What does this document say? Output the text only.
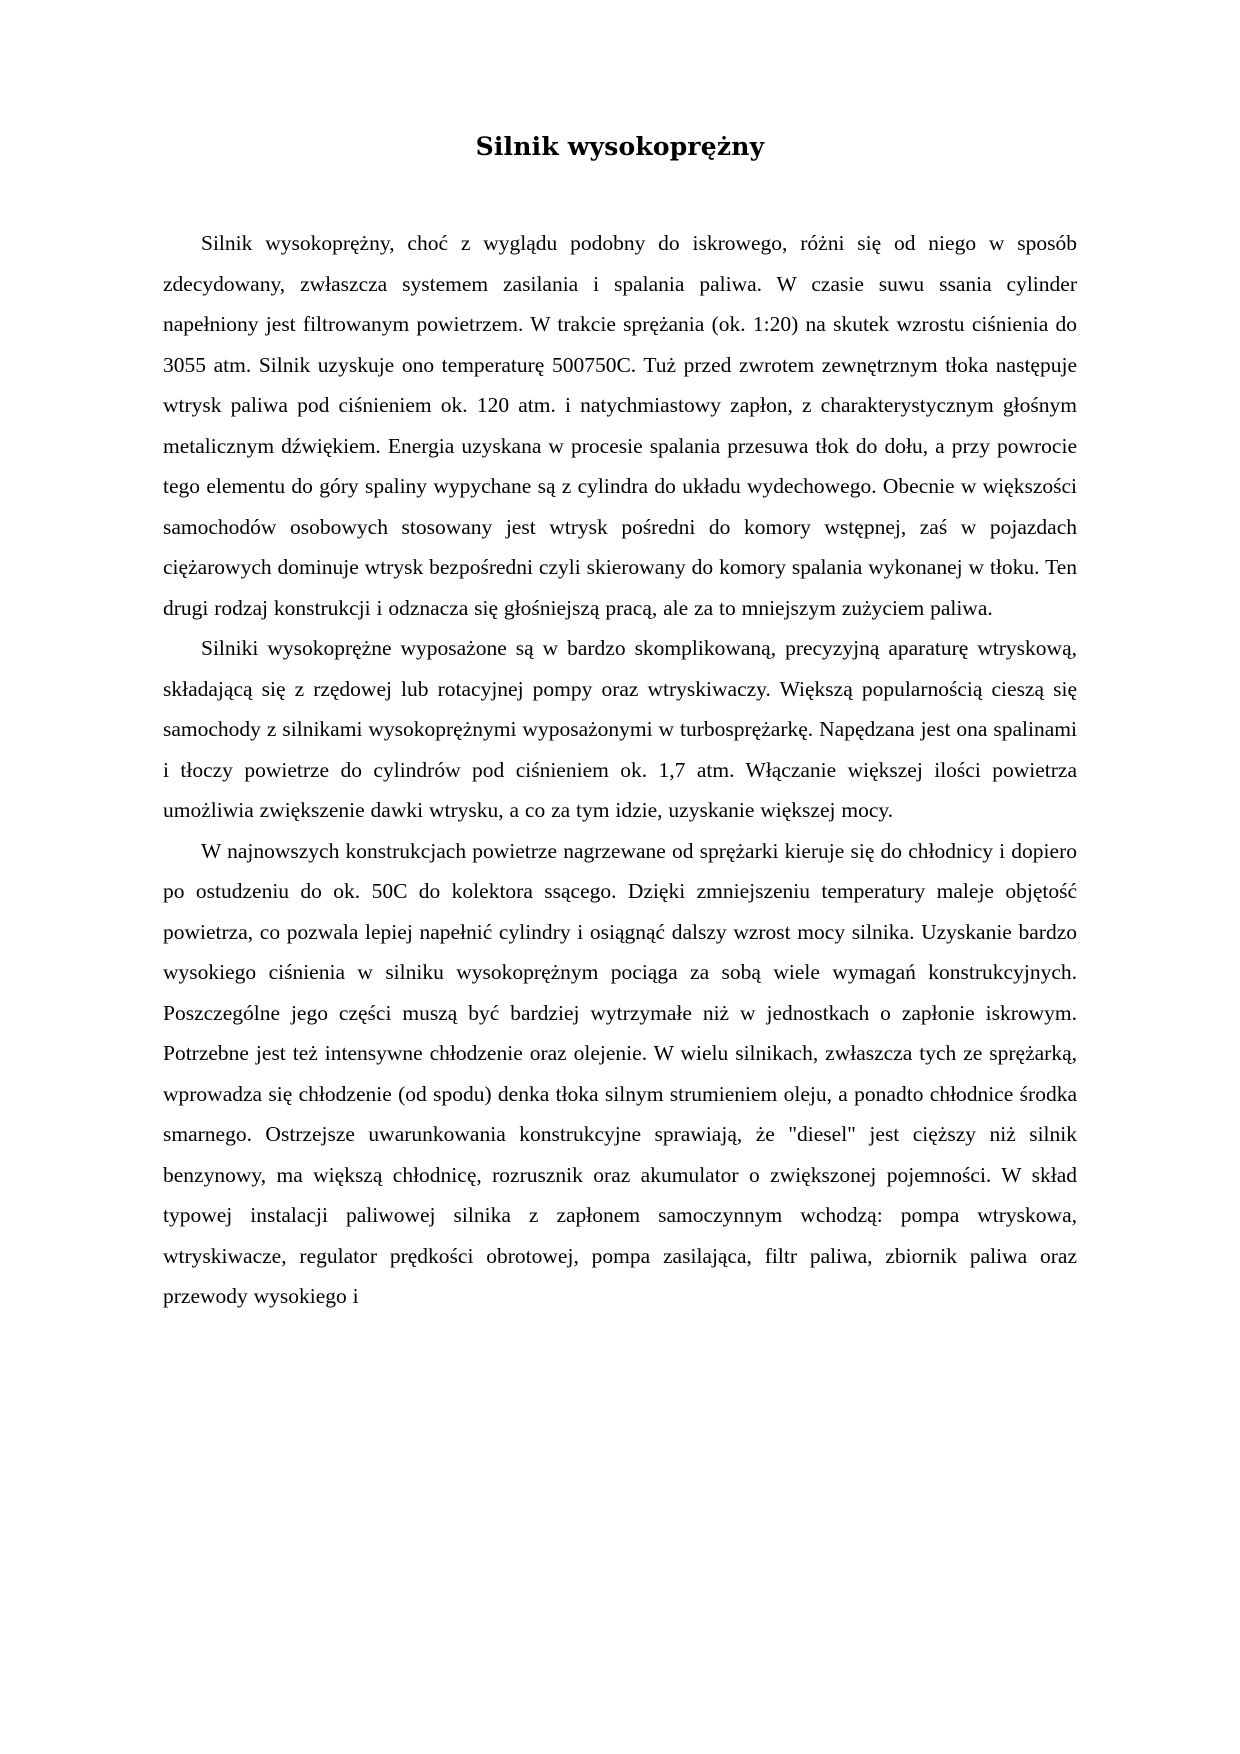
Silnik wysokoprężny

Silnik wysokoprężny, choć z wyglądu podobny do iskrowego, różni się od niego w sposób zdecydowany, zwłaszcza systemem zasilania i spalania paliwa. W czasie suwu ssania cylinder napełniony jest filtrowanym powietrzem. W trakcie sprężania (ok. 1:20) na skutek wzrostu ciśnienia do 3055 atm. Silnik uzyskuje ono temperaturę 500750C. Tuż przed zwrotem zewnętrznym tłoka następuje wtrysk paliwa pod ciśnieniem ok. 120 atm. i natychmiastowy zapłon, z charakterystycznym głośnym metalicznym dźwiękiem. Energia uzyskana w procesie spalania przesuwa tłok do dołu, a przy powrocie tego elementu do góry spaliny wypychane są z cylindra do układu wydechowego. Obecnie w większości samochodów osobowych stosowany jest wtrysk pośredni do komory wstępnej, zaś w pojazdach ciężarowych dominuje wtrysk bezpośredni czyli skierowany do komory spalania wykonanej w tłoku. Ten drugi rodzaj konstrukcji i odznacza się głośniejszą pracą, ale za to mniejszym zużyciem paliwa.

Silniki wysokoprężne wyposażone są w bardzo skomplikowaną, precyzyjną aparaturę wtryskową, składającą się z rzędowej lub rotacyjnej pompy oraz wtryskiwaczy. Większą popularnością cieszą się samochody z silnikami wysokoprężnymi wyposażonymi w turbosprężarkę. Napędzana jest ona spalinami i tłoczy powietrze do cylindrów pod ciśnieniem ok. 1,7 atm. Włączanie większej ilości powietrza umożliwia zwiększenie dawki wtrysku, a co za tym idzie, uzyskanie większej mocy.

W najnowszych konstrukcjach powietrze nagrzewane od sprężarki kieruje się do chłodnicy i dopiero po ostudzeniu do ok. 50C do kolektora ssącego. Dzięki zmniejszeniu temperatury maleje objętość powietrza, co pozwala lepiej napełnić cylindry i osiągnąć dalszy wzrost mocy silnika. Uzyskanie bardzo wysokiego ciśnienia w silniku wysokoprężnym pociąga za sobą wiele wymagań konstrukcyjnych. Poszczególne jego części muszą być bardziej wytrzymałe niż w jednostkach o zapłonie iskrowym. Potrzebne jest też intensywne chłodzenie oraz olejenie. W wielu silnikach, zwłaszcza tych ze sprężarką, wprowadza się chłodzenie (od spodu) denka tłoka silnym strumieniem oleju, a ponadto chłodnice środka smarnego. Ostrzejsze uwarunkowania konstrukcyjne sprawiają, że "diesel" jest cięższy niż silnik benzynowy, ma większą chłodnicę, rozrusznik oraz akumulator o zwiększonej pojemności. W skład typowej instalacji paliwowej silnika z zapłonem samoczynnym wchodzą: pompa wtryskowa, wtryskiwacze, regulator prędkości obrotowej, pompa zasilająca, filtr paliwa, zbiornik paliwa oraz przewody wysokiego i
